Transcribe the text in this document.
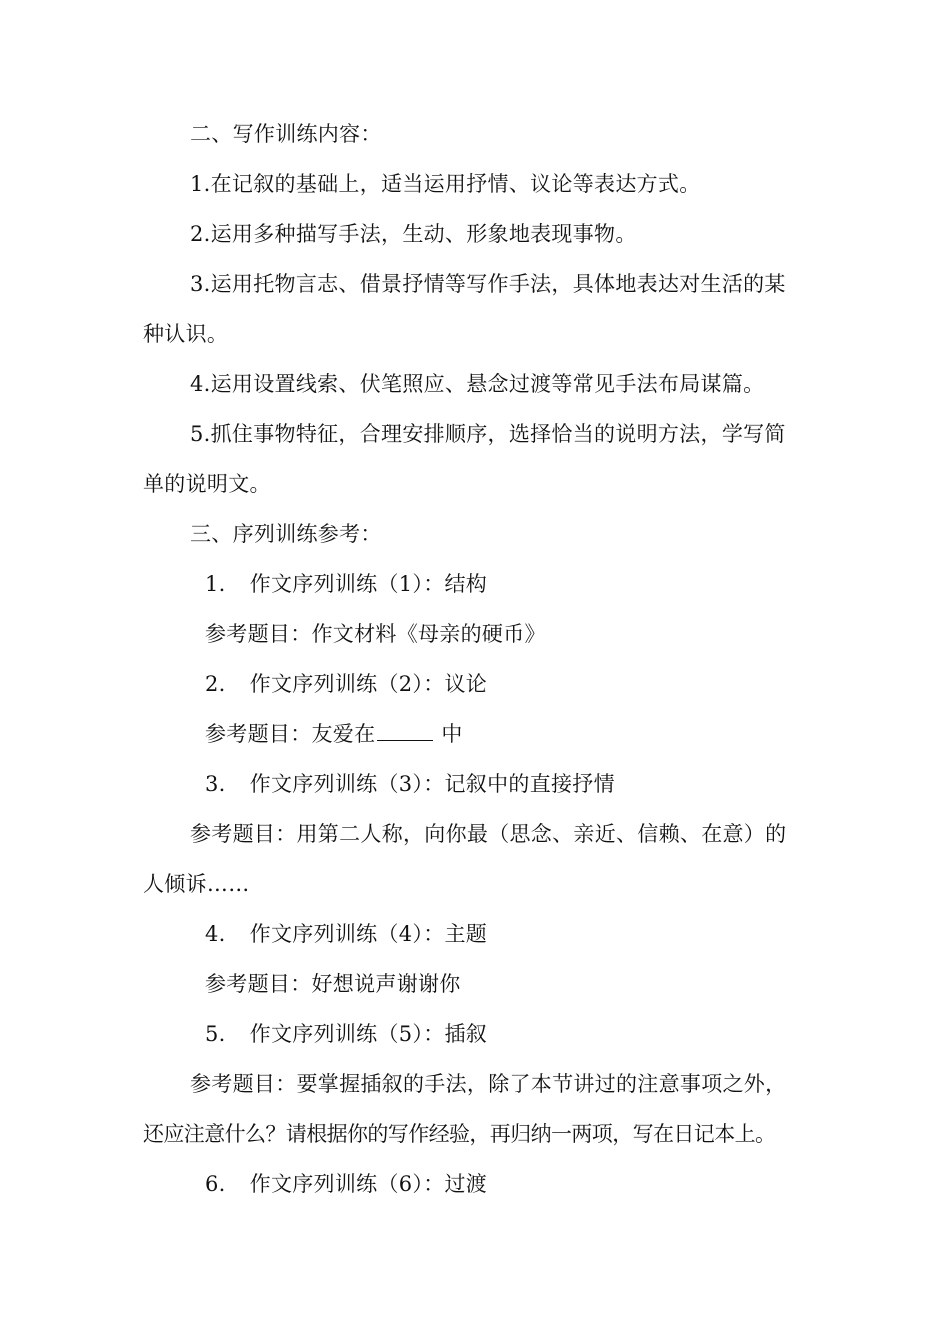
二、写作训练内容：
1.在记叙的基础上，适当运用抒情、议论等表达方式。
2.运用多种描写手法，生动、形象地表现事物。
3.运用托物言志、借景抒情等写作手法，具体地表达对生活的某
种认识。
4.运用设置线索、伏笔照应、悬念过渡等常见手法布局谋篇。
5.抓住事物特征，合理安排顺序，选择恰当的说明方法，学写简
单的说明文。
三、序列训练参考：
1. 作文序列训练（1）：结构
参考题目：作文材料《母亲的硬币》
2. 作文序列训练（2）：议论
参考题目：友爱在	中
3. 作文序列训练（3）：记叙中的直接抒情
参考题目：用第二人称，向你最（思念、亲近、信赖、在意）的
人倾诉……
4. 作文序列训练（4）：主题
参考题目：好想说声谢谢你
5. 作文序列训练（5）：插叙
参考题目：要掌握插叙的手法，除了本节讲过的注意事项之外，
还应注意什么？请根据你的写作经验，再归纳一两项，写在日记本上。
6. 作文序列训练（6）：过渡
